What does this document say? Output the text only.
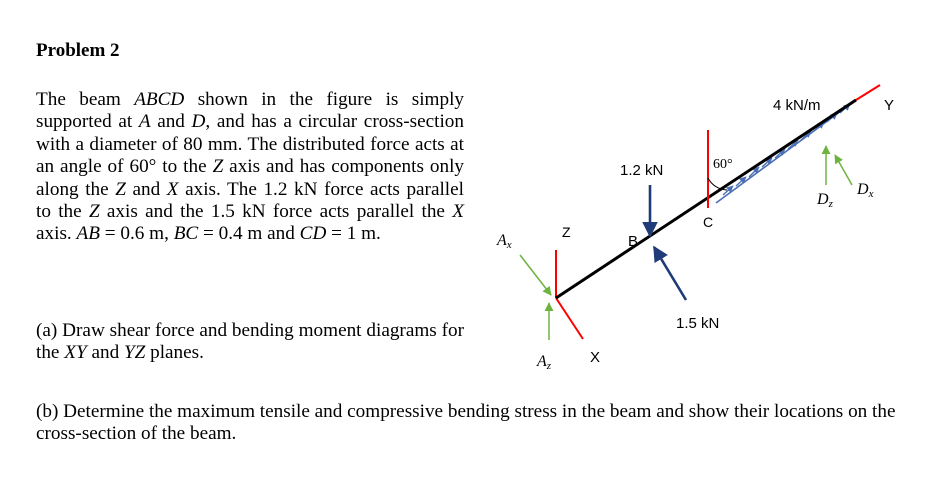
Problem 2

The beam ABCD shown in the figure is simply supported at A and D, and has a circular cross-section with a diameter of 80 mm. The distributed force acts at an angle of 60° to the Z axis and has components only along the Z and X axis. The 1.2 kN force acts parallel to the Z axis and the 1.5 kN force acts parallel the X axis. AB = 0.6 m, BC = 0.4 m and CD = 1 m.

(a) Draw shear force and bending moment diagrams for the XY and YZ planes.

(b) Determine the maximum tensile and compressive bending stress in the beam and show their locations on the cross-section of the beam.

4 kN/m	Y
60°
1.2 kN
B
C
1.5 kN
Z
X
Ax
Az
Dz
Dx
